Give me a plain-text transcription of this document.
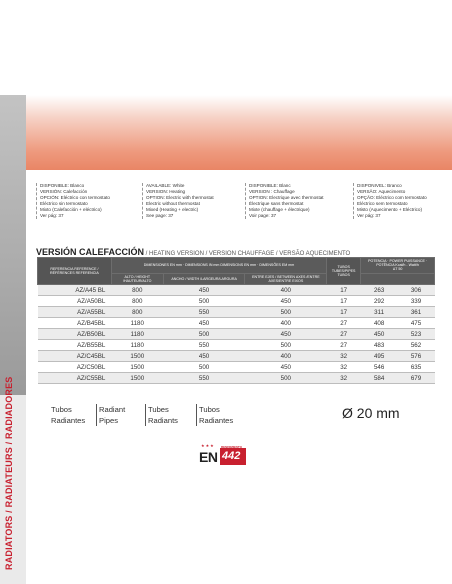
RADIATORS / RADIATEURS / RADIADORES
DISPONIBLE: Blanco
VERSIÓN: Calefacción
OPCIÓN: Eléctrico con termostato
Eléctrico sin termostato
Mixto (Calefacción + eléctrico)
Ver pág: 37
AVAILABLE: White
VERSION: Heating
OPTION: Electric with thermostat
Electric without thermostat
Mixed (Heating + electric)
See page: 37
DISPONIBLE: Blanc
VERSION : Chauffage
OPTION: Electrique avec thermostat
Électrique sans thermostat
Mixte (chauffage + électrique)
Voir page: 37
DISPONIVEL: Branco
VERSÃO: Aquecimento
OPÇÃO: Eléctrico com termostato
Eléctrico sem termostato
Misto (Aquecimento + Eléctrico)
Ver pág: 37
VERSIÓN CALEFACCIÓN / HEATING VERSION / VERSION CHAUFFAGE / VERSÃO AQUECIMENTO
REFERENCIA REFERENCE / RÉFÉRENCES REFERENCIA	DIMENSIONES EN mm · DIMENSIONS IN mm DIMENSIONS EN mm · DIMENSÕES EM mm			TUBOS TUBES/PIPES TUBOS	POTENCIA · POWER PUISSANCE · POTÊNCIA Kcal/h - Watt/h
ΔT 50	
	ALTO / HEIGHT /HAUTEUR/ALTO	ANCHO / WIDTH /LARGEUR/LARGURA	ENTRE EJES / BETWEEN AXES /ENTRE AXES/ENTRE EIXOS			
AZ/A45 BL	800	450	400	17	263	306
AZ/A50BL	800	500	450	17	292	339
AZ/A55BL	800	550	500	17	311	361
AZ/B45BL	1180	450	400	27	408	475
AZ/B50BL	1180	500	450	27	450	523
AZ/B55BL	1180	550	500	27	483	562
AZ/C45BL	1500	450	400	32	495	576
AZ/C50BL	1500	500	450	32	546	635
AZ/C55BL	1500	550	500	32	584	679
Tubos
Radiantes
Radiant
Pipes
Tubes
Radiants
Tubos
Radiantes	Ø 20 mm
★★★
EN
RENDIMIENTO
442
